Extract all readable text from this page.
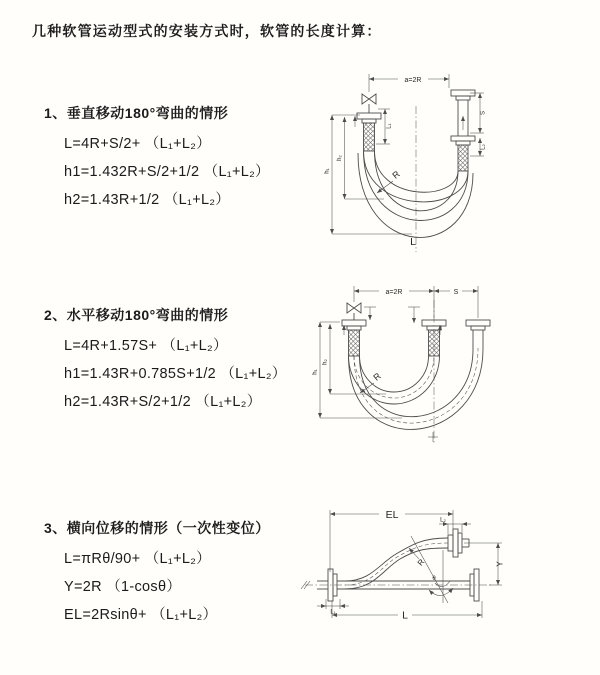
几种软管运动型式的安装方式时，软管的长度计算：
1、垂直移动180°弯曲的情形
L=4R+S/2+ （L₁+L₂）
h1=1.432R+S/2+1/2 （L₁+L₂）
h2=1.43R+1/2 （L₁+L₂）
2、水平移动180°弯曲的情形
L=4R+1.57S+ （L₁+L₂）
h1=1.43R+0.785S+1/2 （L₁+L₂）
h2=1.43R+S/2+1/2 （L₁+L₂）
3、横向位移的情形（一次性变位）
L=πRθ/90+ （L₁+L₂）
Y=2R （1-cosθ）
EL=2Rsinθ+ （L₁+L₂）
a=2R
h₁
h₂
L₁
S
L₂
R
L
a=2R	S
h₁
h₂
R
EL	L₂
Y
θ
R
L₁	L
